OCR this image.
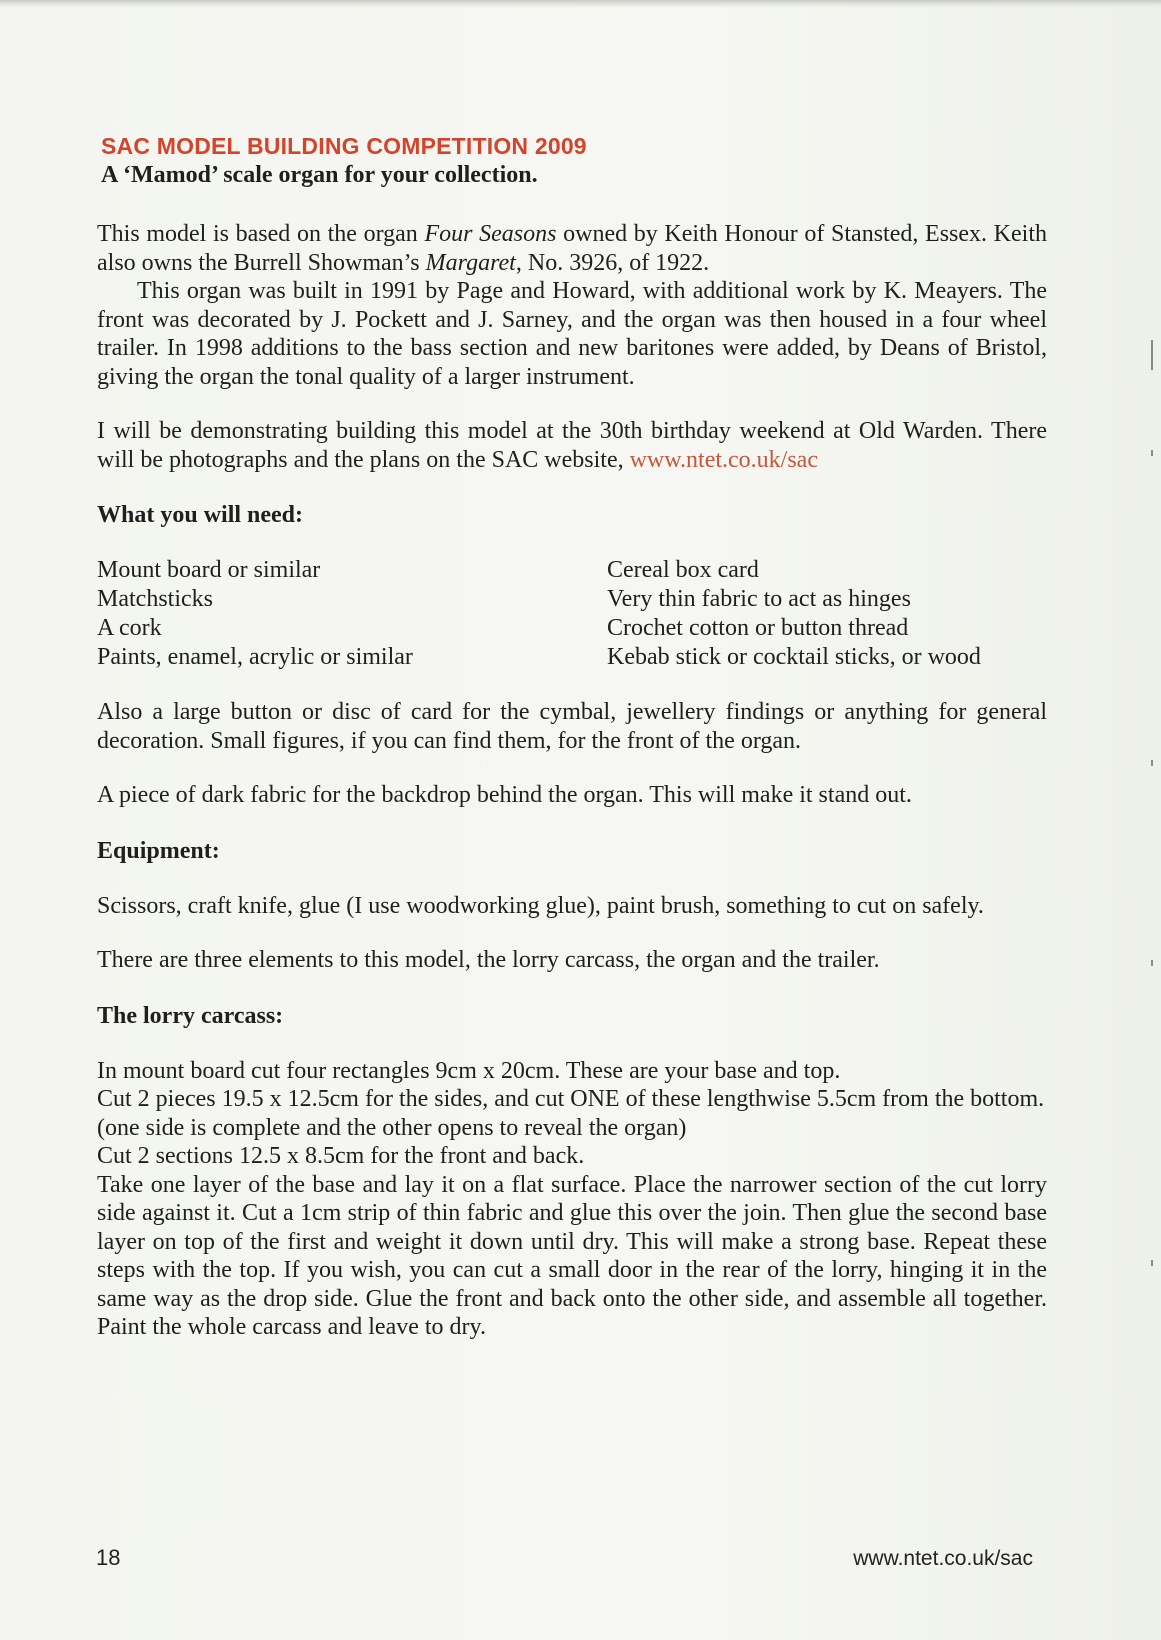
SAC MODEL BUILDING COMPETITION 2009
A ‘Mamod’ scale organ for your collection.

This model is based on the organ Four Seasons owned by Keith Honour of Stansted, Essex. Keith also owns the Burrell Showman’s Margaret, No. 3926, of 1922.

This organ was built in 1991 by Page and Howard, with additional work by K. Meayers. The front was decorated by J. Pockett and J. Sarney, and the organ was then housed in a four wheel trailer. In 1998 additions to the bass section and new baritones were added, by Deans of Bristol, giving the organ the tonal quality of a larger instrument.

I will be demonstrating building this model at the 30th birthday weekend at Old Warden. There will be photographs and the plans on the SAC website, www.ntet.co.uk/sac

What you will need:
Mount board or similar
Matchsticks
A cork
Paints, enamel, acrylic or similar
Cereal box card
Very thin fabric to act as hinges
Crochet cotton or button thread
Kebab stick or cocktail sticks, or wood

Also a large button or disc of card for the cymbal, jewellery findings or anything for general decoration. Small figures, if you can find them, for the front of the organ.

A piece of dark fabric for the backdrop behind the organ. This will make it stand out.

Equipment:

Scissors, craft knife, glue (I use woodworking glue), paint brush, something to cut on safely.

There are three elements to this model, the lorry carcass, the organ and the trailer.

The lorry carcass:

In mount board cut four rectangles 9cm x 20cm. These are your base and top.

Cut 2 pieces 19.5 x 12.5cm for the sides, and cut ONE of these lengthwise 5.5cm from the bottom.

(one side is complete and the other opens to reveal the organ)

Cut 2 sections 12.5 x 8.5cm for the front and back.

Take one layer of the base and lay it on a flat surface. Place the narrower section of the cut lorry side against it. Cut a 1cm strip of thin fabric and glue this over the join. Then glue the second base layer on top of the first and weight it down until dry. This will make a strong base. Repeat these steps with the top. If you wish, you can cut a small door in the rear of the lorry, hinging it in the same way as the drop side. Glue the front and back onto the other side, and assemble all together. Paint the whole carcass and leave to dry.

18	www.ntet.co.uk/sac
